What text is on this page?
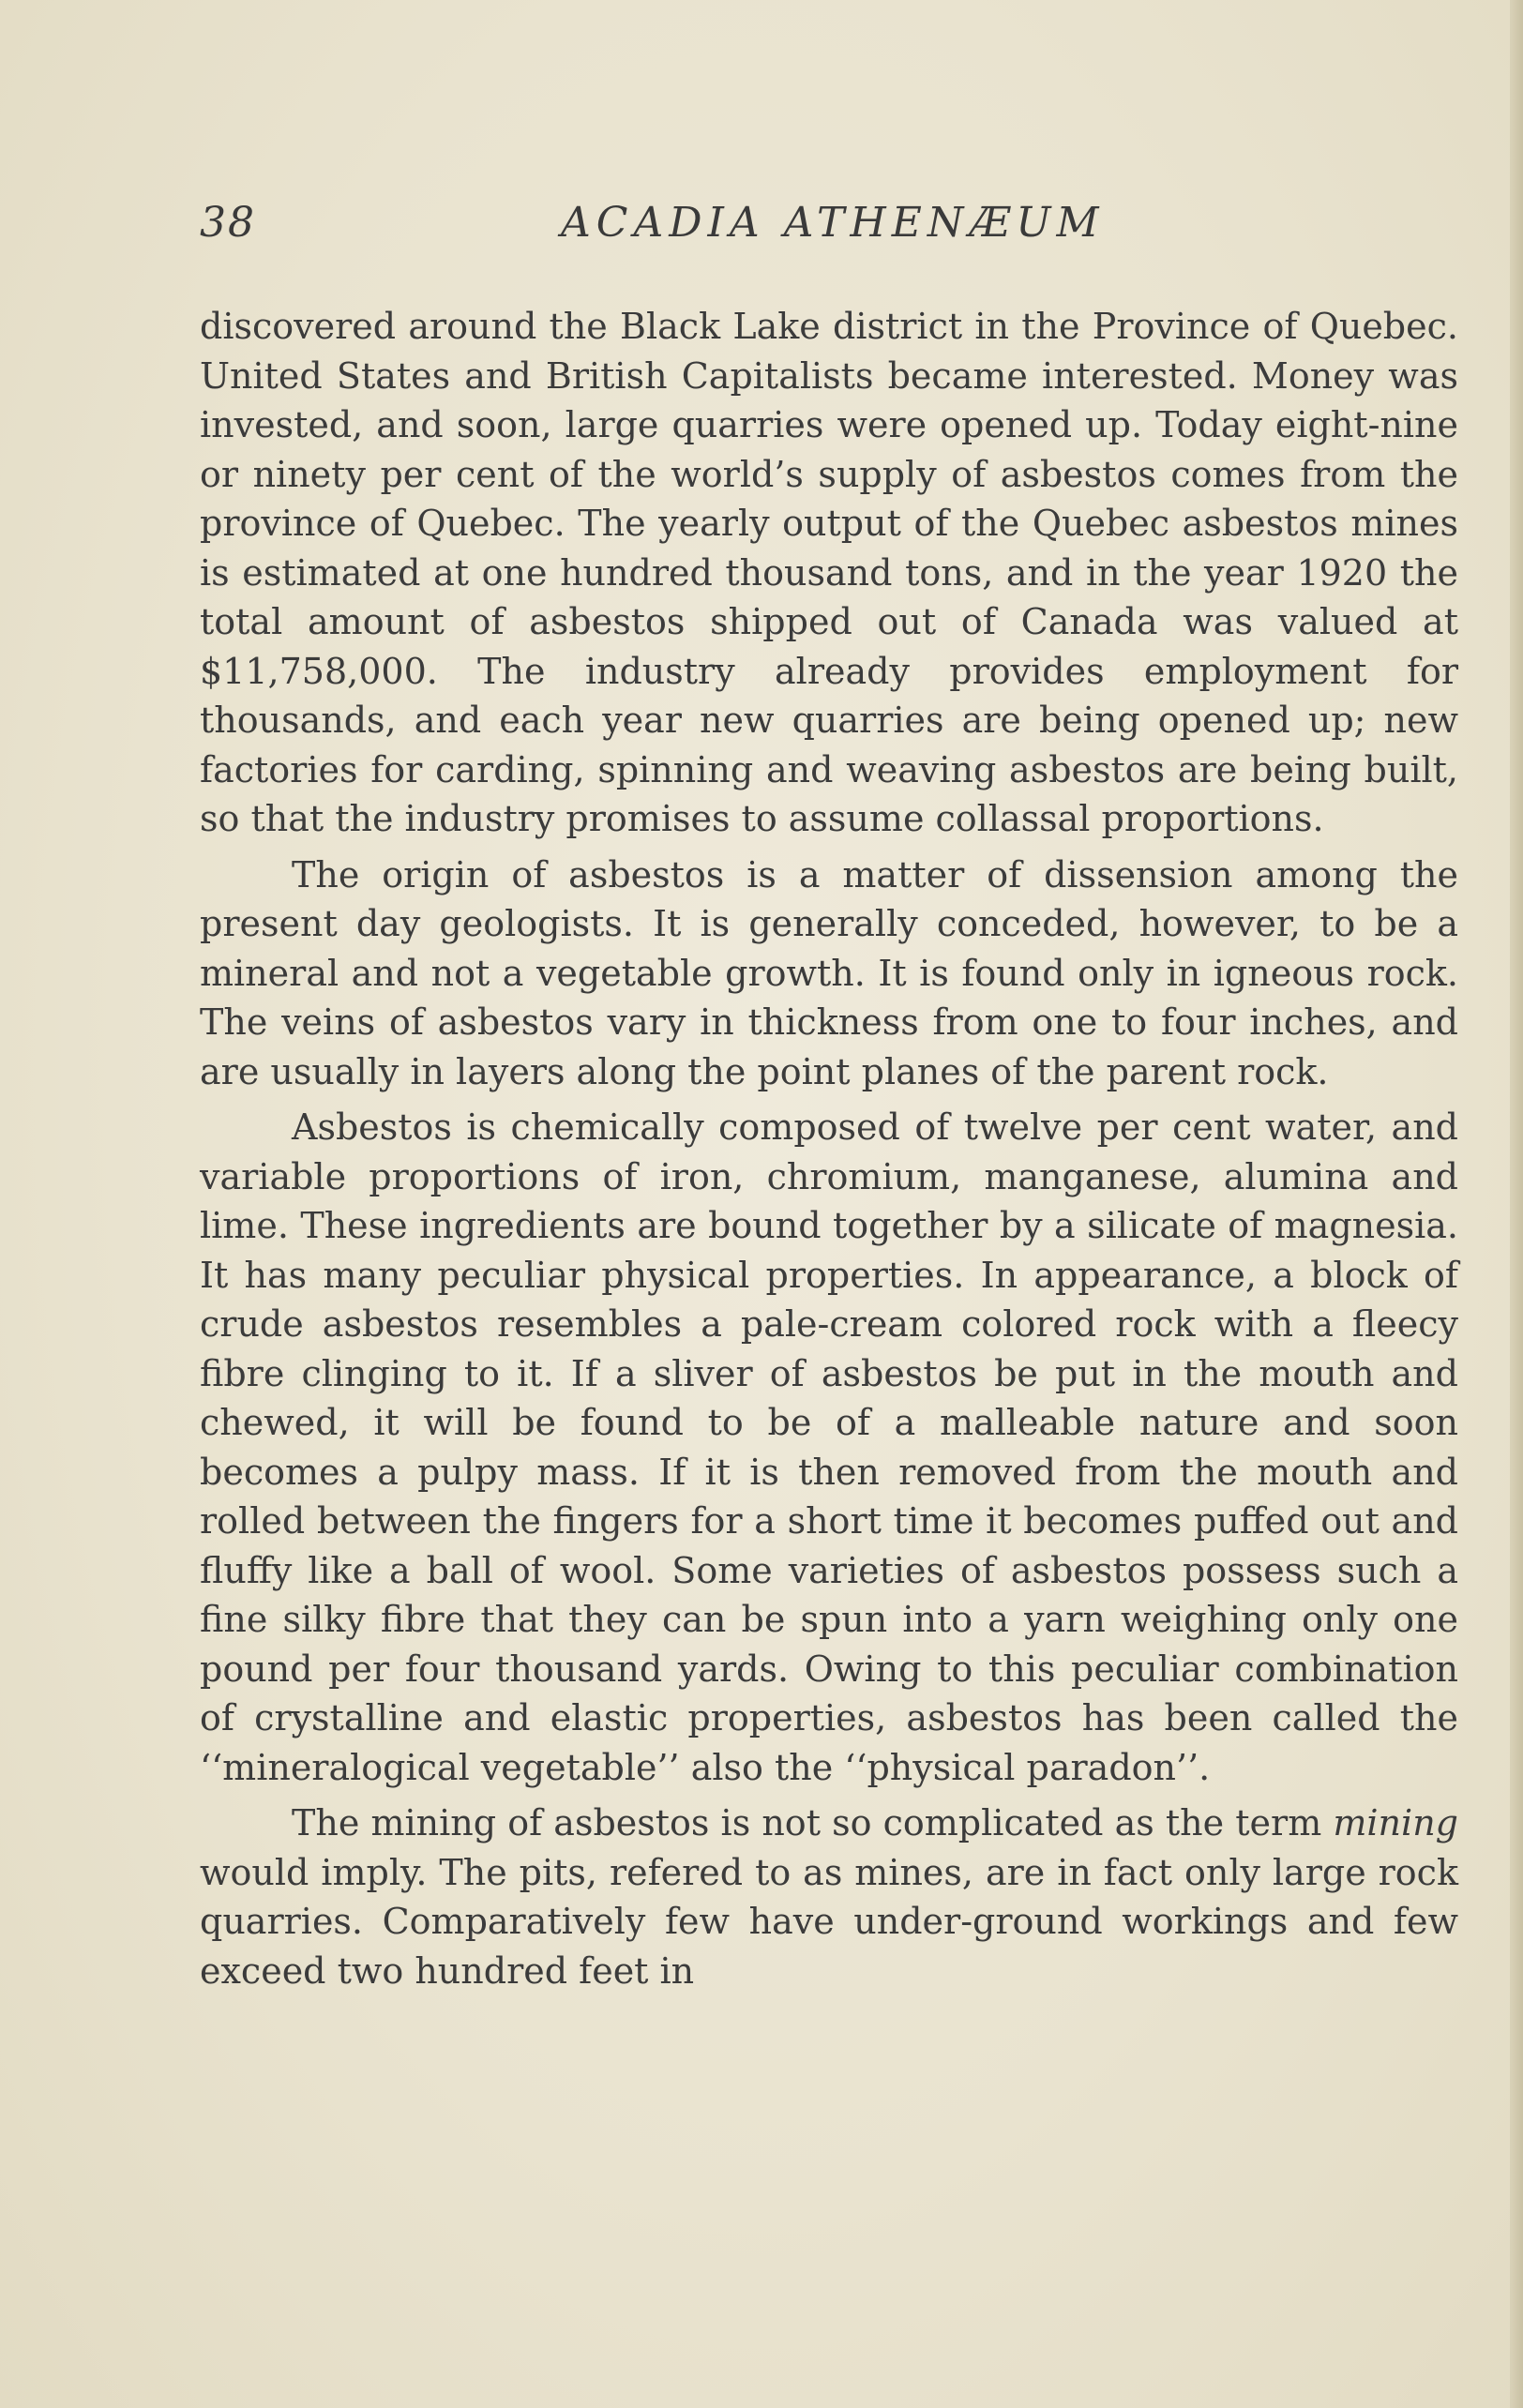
38	ACADIA ATHENÆUM

discovered around the Black Lake district in the Province of Quebec. United States and British Capitalists became interested. Money was invested, and soon, large quarries were opened up. Today eight-nine or ninety per cent of the world’s supply of asbestos comes from the province of Quebec. The yearly output of the Quebec asbestos mines is estimated at one hundred thousand tons, and in the year 1920 the total amount of asbestos shipped out of Canada was valued at $11,758,000. The industry already provides employment for thousands, and each year new quarries are being opened up; new factories for carding, spinning and weaving asbestos are being built, so that the industry promises to assume collassal proportions.

The origin of asbestos is a matter of dissension among the present day geologists. It is generally conceded, however, to be a mineral and not a vegetable growth. It is found only in igneous rock. The veins of asbestos vary in thickness from one to four inches, and are usually in layers along the point planes of the parent rock.

Asbestos is chemically composed of twelve per cent water, and variable proportions of iron, chromium, manganese, alumina and lime. These ingredients are bound together by a silicate of magnesia. It has many peculiar physical properties. In appearance, a block of crude asbestos resembles a pale-cream colored rock with a fleecy fibre clinging to it. If a sliver of asbestos be put in the mouth and chewed, it will be found to be of a malleable nature and soon becomes a pulpy mass. If it is then removed from the mouth and rolled between the fingers for a short time it becomes puffed out and fluffy like a ball of wool. Some varieties of asbestos possess such a fine silky fibre that they can be spun into a yarn weighing only one pound per four thousand yards. Owing to this peculiar combination of crystalline and elastic properties, asbestos has been called the ‘‘mineralogical vegetable’’ also the ‘‘physical paradon’’.

The mining of asbestos is not so complicated as the term mining would imply. The pits, refered to as mines, are in fact only large rock quarries. Comparatively few have under-ground workings and few exceed two hundred feet in
